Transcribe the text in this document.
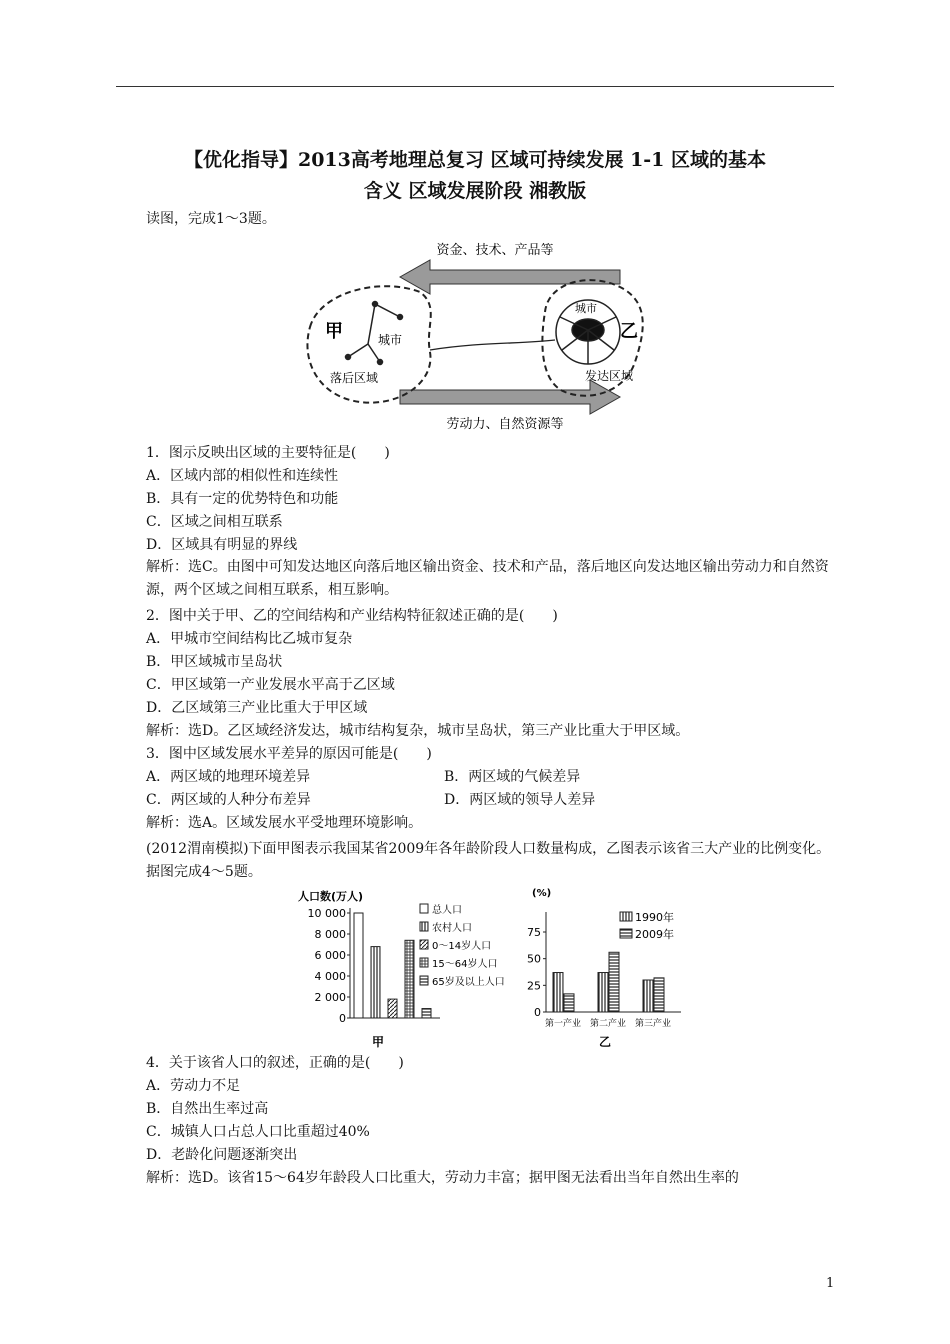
【优化指导】2013高考地理总复习 区域可持续发展 1-1 区域的基本
含义 区域发展阶段 湘教版
读图，完成1～3题。
资金、技术、产品等
劳动力、自然资源等
甲	城市
落后区域
乙
发达区域
城市
1．图示反映出区域的主要特征是(　　)
A．区域内部的相似性和连续性
B．具有一定的优势特色和功能
C．区域之间相互联系
D．区域具有明显的界线
解析：选C。由图中可知发达地区向落后地区输出资金、技术和产品，落后地区向发达地区输出劳动力和自然资源，两个区域之间相互联系，相互影响。
2．图中关于甲、乙的空间结构和产业结构特征叙述正确的是(　　)
A．甲城市空间结构比乙城市复杂
B．甲区域城市呈岛状
C．甲区域第一产业发展水平高于乙区域
D．乙区域第三产业比重大于甲区域
解析：选D。乙区域经济发达，城市结构复杂，城市呈岛状，第三产业比重大于甲区域。
3．图中区域发展水平差异的原因可能是(　　)
A．两区域的地理环境差异	B．两区域的气候差异
C．两区域的人种分布差异	D．两区域的领导人差异
解析：选A。区域发展水平受地理环境影响。
(2012渭南模拟)下面甲图表示我国某省2009年各年龄阶段人口数量构成，乙图表示该省三大产业的比例变化。据图完成4～5题。
人口数(万人)
0
2 000
4 000
6 000
8 000
10 000	总人口
农村人口
0～14岁人口
15～64岁人口
65岁及以上人口
甲
(%)
0
25
50
75
第一产业 第二产业 第三产业
1990年
2009年
乙
4．关于该省人口的叙述，正确的是(　　)
A．劳动力不足
B．自然出生率过高
C．城镇人口占总人口比重超过40%
D．老龄化问题逐渐突出
解析：选D。该省15～64岁年龄段人口比重大，劳动力丰富；据甲图无法看出当年自然出生率的
1
